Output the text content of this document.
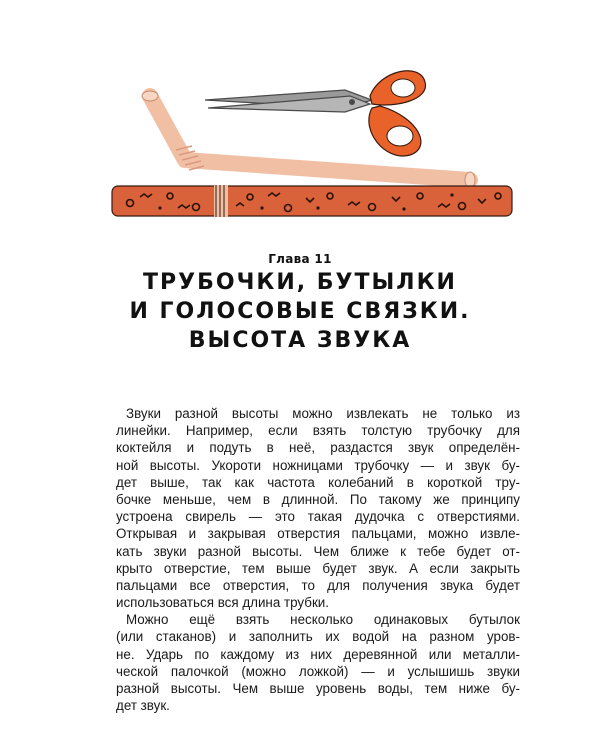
Глава 11
ТРУБОЧКИ, БУТЫЛКИ
И ГОЛОСОВЫЕ СВЯЗКИ.
ВЫСОТА ЗВУКА
Звуки разной высоты можно извлекать не только из
линейки. Например, если взять толстую трубочку для
коктейля и подуть в неё, раздастся звук определён-
ной высоты. Укороти ножницами трубочку — и звук бу-
дет выше, так как частота колебаний в короткой тру-
бочке меньше, чем в длинной. По такому же принципу
устроена свирель — это такая дудочка с отверстиями.
Открывая и закрывая отверстия пальцами, можно извле-
кать звуки разной высоты. Чем ближе к тебе будет от-
крыто отверстие, тем выше будет звук. А если закрыть
пальцами все отверстия, то для получения звука будет
использоваться вся длина трубки.
Можно ещё взять несколько одинаковых бутылок
(или стаканов) и заполнить их водой на разном уров-
не. Ударь по каждому из них деревянной или металли-
ческой палочкой (можно ложкой) — и услышишь звуки
разной высоты. Чем выше уровень воды, тем ниже бу-
дет звук.
